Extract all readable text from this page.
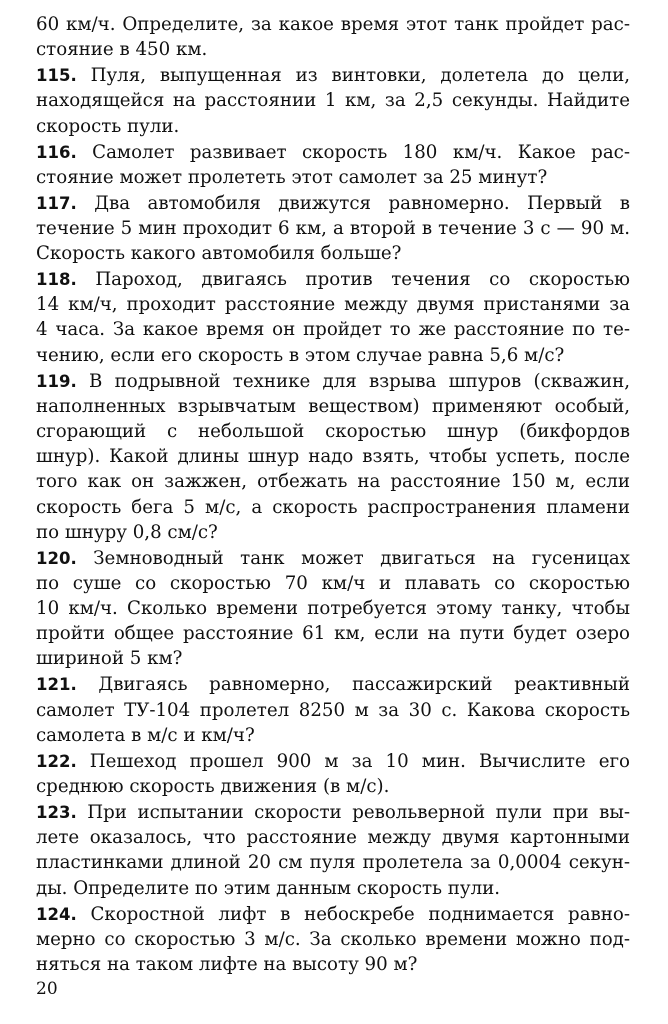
60 км/ч. Определите, за какое время этот танк пройдет рас-
стояние в 450 км.
115. Пуля, выпущенная из винтовки, долетела до цели,
находящейся на расстоянии 1 км, за 2,5 секунды. Найдите
скорость пули.
116. Самолет развивает скорость 180 км/ч. Какое рас-
стояние может пролететь этот самолет за 25 минут?
117. Два автомобиля движутся равномерно. Первый в
течение 5 мин проходит 6 км, а второй в течение 3 с — 90 м.
Скорость какого автомобиля больше?
118. Пароход, двигаясь против течения со скоростью
14 км/ч, проходит расстояние между двумя пристанями за
4 часа. За какое время он пройдет то же расстояние по те-
чению, если его скорость в этом случае равна 5,6 м/с?
119. В подрывной технике для взрыва шпуров (скважин,
наполненных взрывчатым веществом) применяют особый,
сгорающий с небольшой скоростью шнур (бикфордов
шнур). Какой длины шнур надо взять, чтобы успеть, после
того как он зажжен, отбежать на расстояние 150 м, если
скорость бега 5 м/с, а скорость распространения пламени
по шнуру 0,8 см/с?
120. Земноводный танк может двигаться на гусеницах
по суше со скоростью 70 км/ч и плавать со скоростью
10 км/ч. Сколько времени потребуется этому танку, чтобы
пройти общее расстояние 61 км, если на пути будет озеро
шириной 5 км?
121. Двигаясь равномерно, пассажирский реактивный
самолет ТУ-104 пролетел 8250 м за 30 с. Какова скорость
самолета в м/с и км/ч?
122. Пешеход прошел 900 м за 10 мин. Вычислите его
среднюю скорость движения (в м/с).
123. При испытании скорости револьверной пули при вы-
лете оказалось, что расстояние между двумя картонными
пластинками длиной 20 см пуля пролетела за 0,0004 секун-
ды. Определите по этим данным скорость пули.
124. Скоростной лифт в небоскребе поднимается равно-
мерно со скоростью 3 м/с. За сколько времени можно под-
няться на таком лифте на высоту 90 м?
20
